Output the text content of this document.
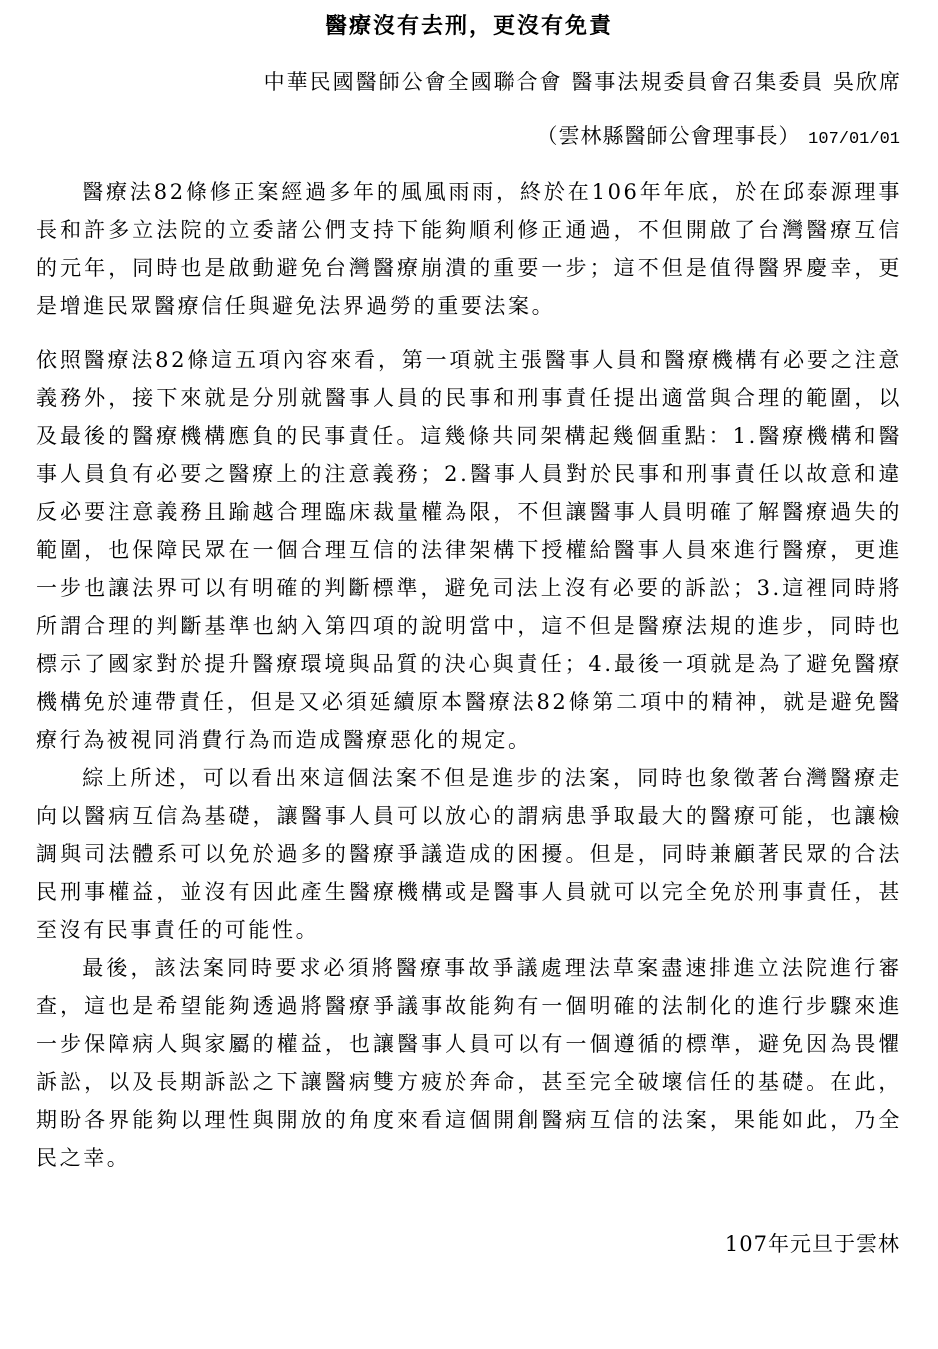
醫療沒有去刑，更沒有免責
中華民國醫師公會全國聯合會 醫事法規委員會召集委員 吳欣席
（雲林縣醫師公會理事長） 107/01/01

醫療法82條修正案經過多年的風風雨雨，終於在106年年底，於在邱泰源理事長和許多立法院的立委諸公們支持下能夠順利修正通過，不但開啟了台灣醫療互信的元年，同時也是啟動避免台灣醫療崩潰的重要一步；這不但是值得醫界慶幸，更是增進民眾醫療信任與避免法界過勞的重要法案。

依照醫療法82條這五項內容來看，第一項就主張醫事人員和醫療機構有必要之注意義務外，接下來就是分別就醫事人員的民事和刑事責任提出適當與合理的範圍，以及最後的醫療機構應負的民事責任。這幾條共同架構起幾個重點：1.醫療機構和醫事人員負有必要之醫療上的注意義務；2.醫事人員對於民事和刑事責任以故意和違反必要注意義務且踰越合理臨床裁量權為限，不但讓醫事人員明確了解醫療過失的範圍，也保障民眾在一個合理互信的法律架構下授權給醫事人員來進行醫療，更進一步也讓法界可以有明確的判斷標準，避免司法上沒有必要的訴訟；3.這裡同時將所謂合理的判斷基準也納入第四項的說明當中，這不但是醫療法規的進步，同時也標示了國家對於提升醫療環境與品質的決心與責任；4.最後一項就是為了避免醫療機構免於連帶責任，但是又必須延續原本醫療法82條第二項中的精神，就是避免醫療行為被視同消費行為而造成醫療惡化的規定。

綜上所述，可以看出來這個法案不但是進步的法案，同時也象徵著台灣醫療走向以醫病互信為基礎，讓醫事人員可以放心的謂病患爭取最大的醫療可能，也讓檢調與司法體系可以免於過多的醫療爭議造成的困擾。但是，同時兼顧著民眾的合法民刑事權益，並沒有因此產生醫療機構或是醫事人員就可以完全免於刑事責任，甚至沒有民事責任的可能性。

最後，該法案同時要求必須將醫療事故爭議處理法草案盡速排進立法院進行審查，這也是希望能夠透過將醫療爭議事故能夠有一個明確的法制化的進行步驟來進一步保障病人與家屬的權益，也讓醫事人員可以有一個遵循的標準，避免因為畏懼訴訟，以及長期訴訟之下讓醫病雙方疲於奔命，甚至完全破壞信任的基礎。在此，期盼各界能夠以理性與開放的角度來看這個開創醫病互信的法案，果能如此，乃全民之幸。

107年元旦于雲林
